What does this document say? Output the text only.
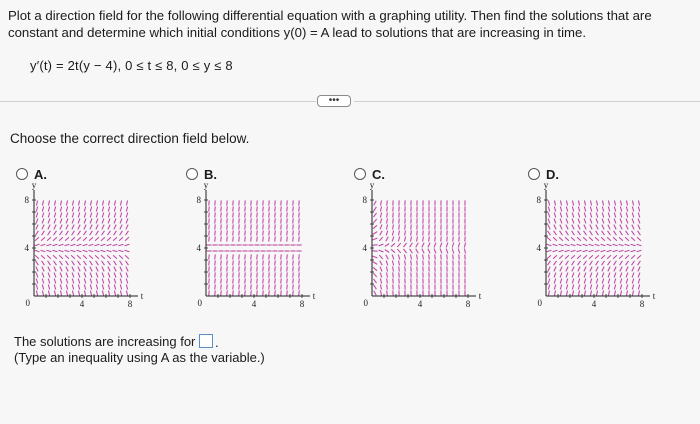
Plot a direction field for the following differential equation with a graphing utility. Then find the solutions that are constant and determine which initial conditions y(0) = A lead to solutions that are increasing in time.
y′(t) = 2t(y − 4), 0 ≤ t ≤ 8, 0 ≤ y ≤ 8
•••
Choose the correct direction field below.
A.
y
t
8
4
0	4	8
B.
y
t
8
4
0	4	8
C.
y
t
8
4
0	4	8
D.
y
t
8
4
0	4	8
The solutions are increasing for .
(Type an inequality using A as the variable.)
